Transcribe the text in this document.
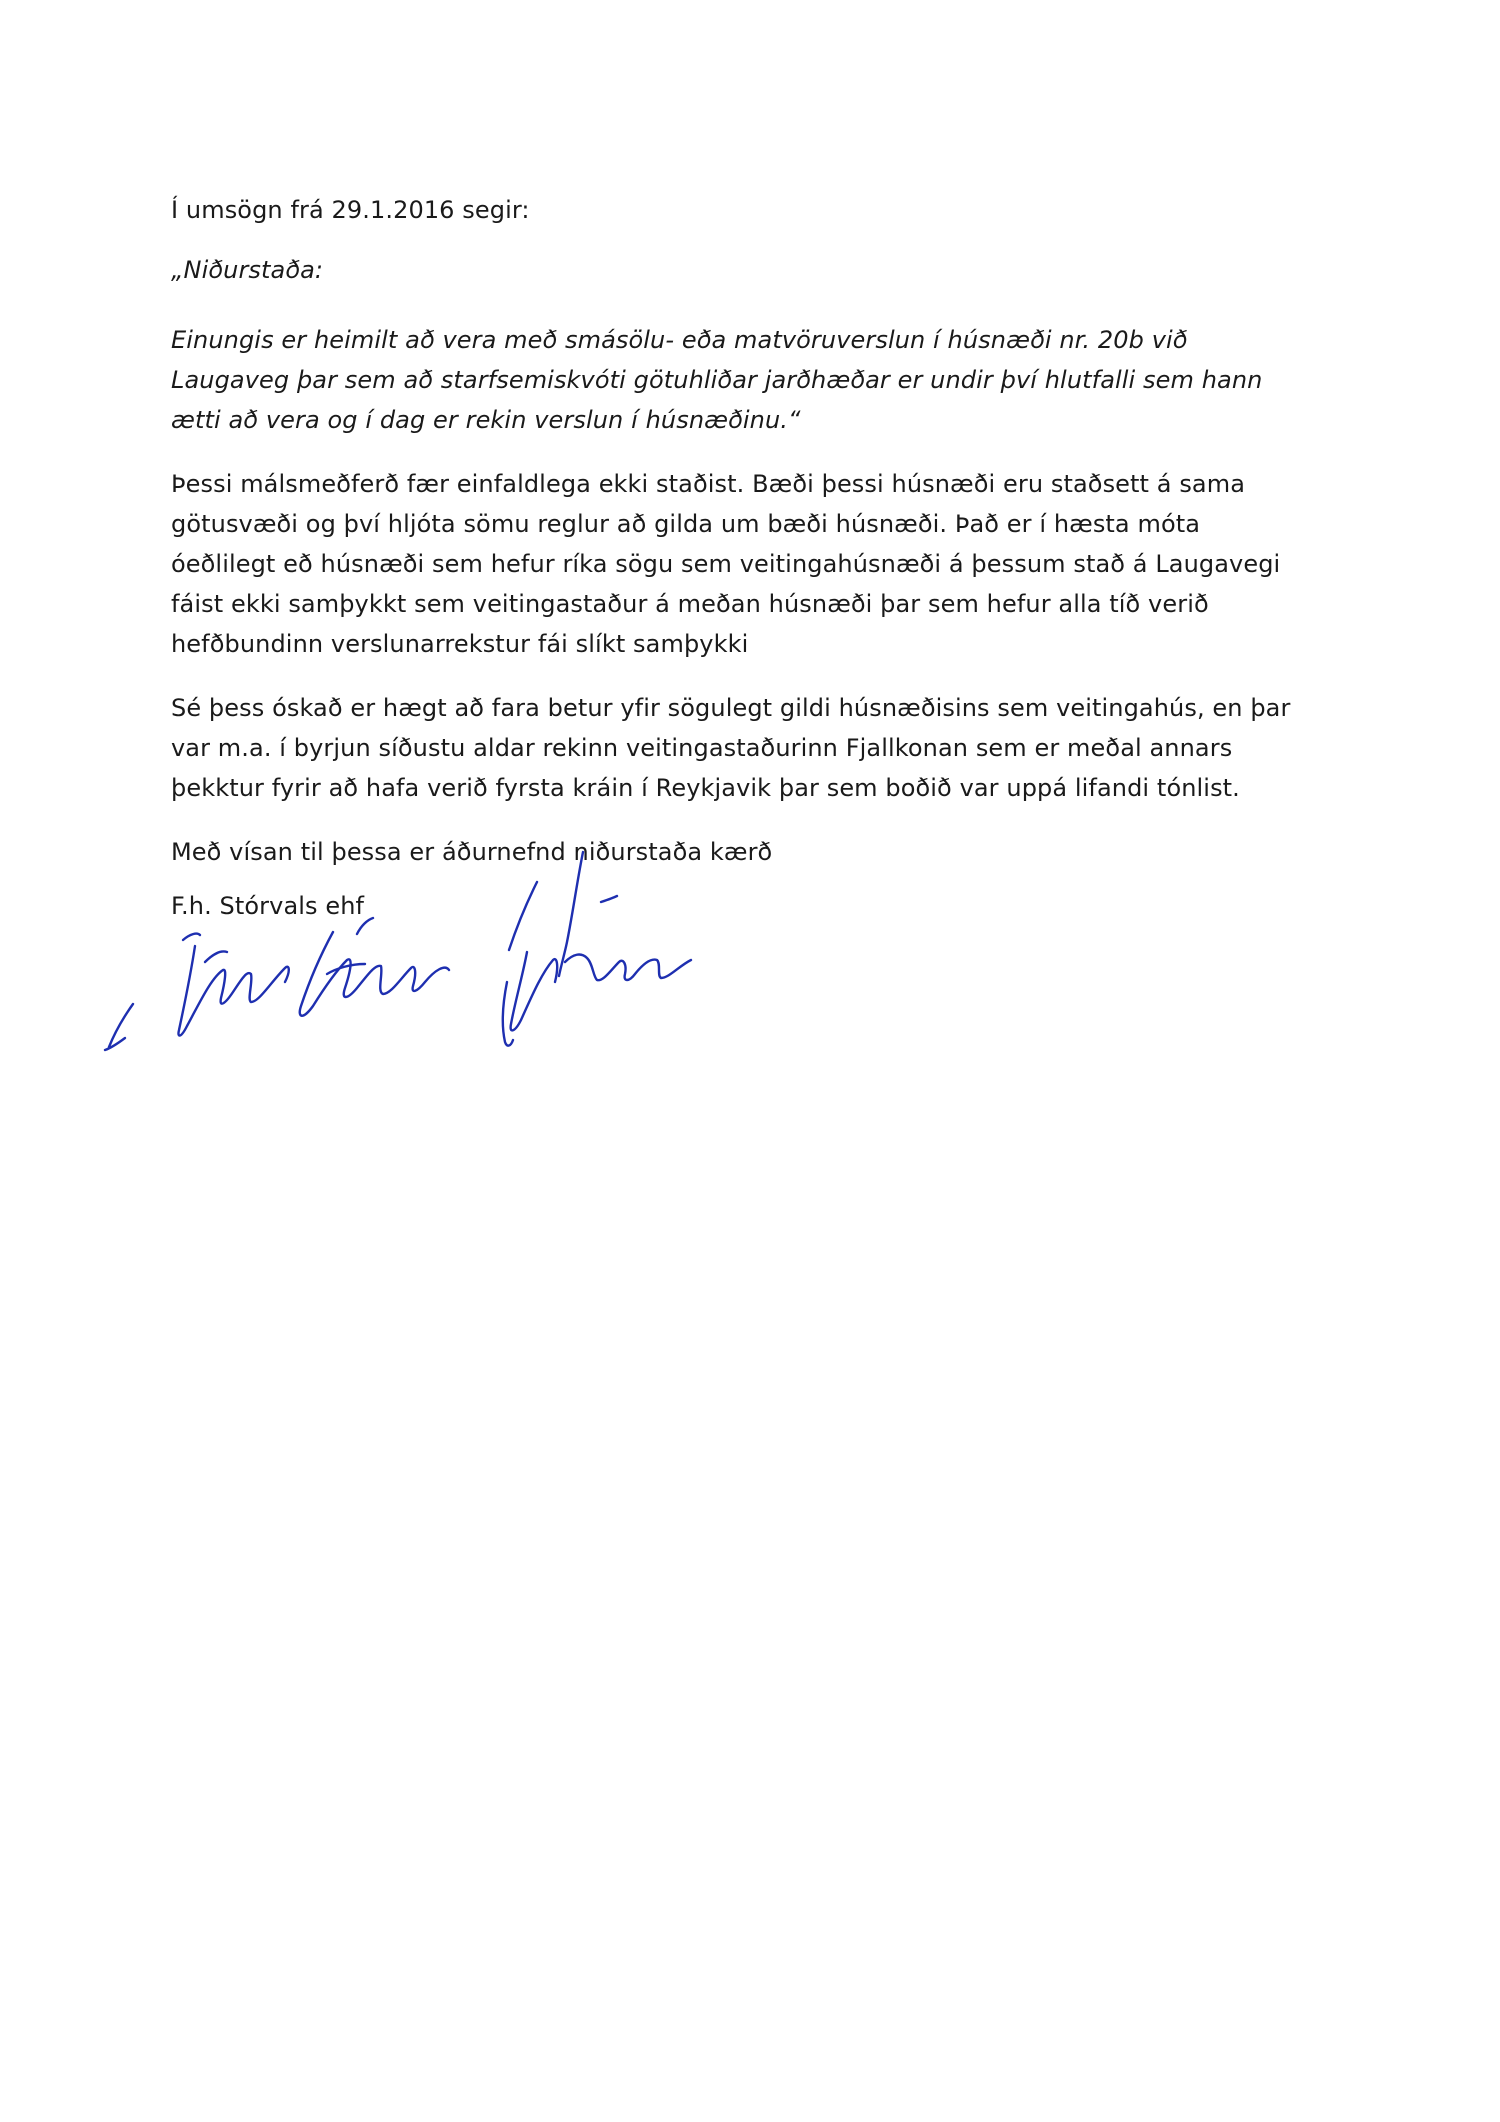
Í umsögn frá 29.1.2016 segir:

„Niðurstaða:

Einungis er heimilt að vera með smásölu- eða matvöruverslun í húsnæði nr. 20b við Laugaveg þar sem að starfsemiskvóti götuhliðar jarðhæðar er undir því hlutfalli sem hann ætti að vera og í dag er rekin verslun í húsnæðinu.“

Þessi málsmeðferð fær einfaldlega ekki staðist. Bæði þessi húsnæði eru staðsett á sama götusvæði og því hljóta sömu reglur að gilda um bæði húsnæði. Það er í hæsta móta óeðlilegt eð húsnæði sem hefur ríka sögu sem veitingahúsnæði á þessum stað á Laugavegi fáist ekki samþykkt sem veitingastaður á meðan húsnæði þar sem hefur alla tíð verið hefðbundinn verslunarrekstur fái slíkt samþykki

Sé þess óskað er hægt að fara betur yfir sögulegt gildi húsnæðisins sem veitingahús, en þar var m.a. í byrjun síðustu aldar rekinn veitingastaðurinn Fjallkonan sem er meðal annars þekktur fyrir að hafa verið fyrsta kráin í Reykjavik þar sem boðið var uppá lifandi tónlist.

Með vísan til þessa er áðurnefnd niðurstaða kærð

F.h. Stórvals ehf
